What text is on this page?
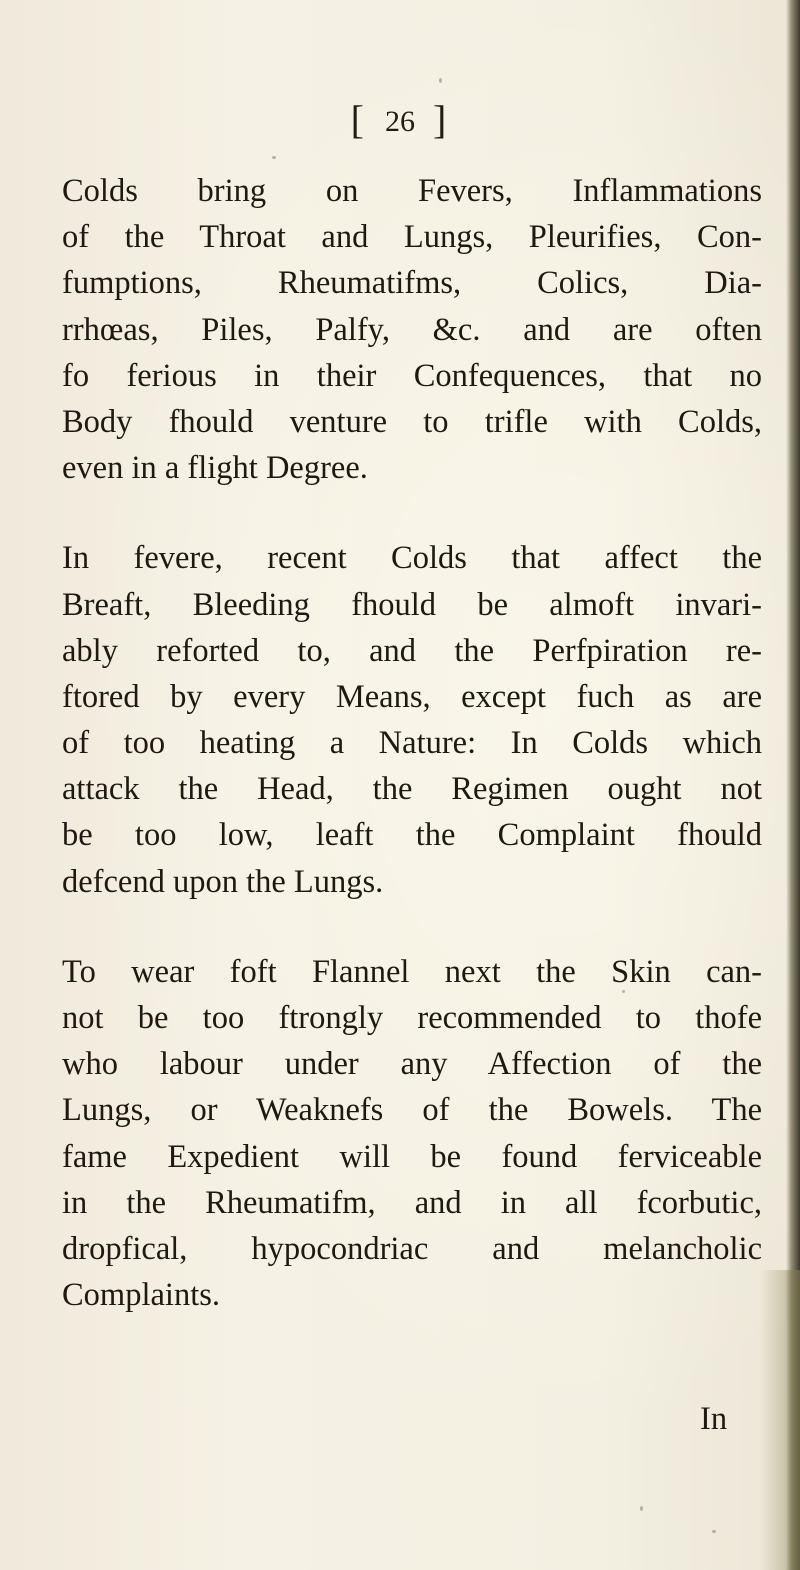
[ 26 ]
Colds bring on Fevers, Inflammations
of the Throat and Lungs, Pleurifies, Con-
fumptions, Rheumatifms, Colics, Dia-
rrhœas, Piles, Palfy, &c. and are often
fo ferious in their Confequences, that no
Body fhould venture to trifle with Colds,
even in a flight Degree.
In fevere, recent Colds that affect the
Breaft, Bleeding fhould be almoft invari-
ably reforted to, and the Perfpiration re-
ftored by every Means, except fuch as are
of too heating a Nature: In Colds which
attack the Head, the Regimen ought not
be too low, leaft the Complaint fhould
defcend upon the Lungs.
To wear foft Flannel next the Skin can-
not be too ftrongly recommended to thofe
who labour under any Affection of the
Lungs, or Weaknefs of the Bowels. The
fame Expedient will be found ferviceable
in the Rheumatifm, and in all fcorbutic,
dropfical, hypocondriac and melancholic
Complaints.
In
